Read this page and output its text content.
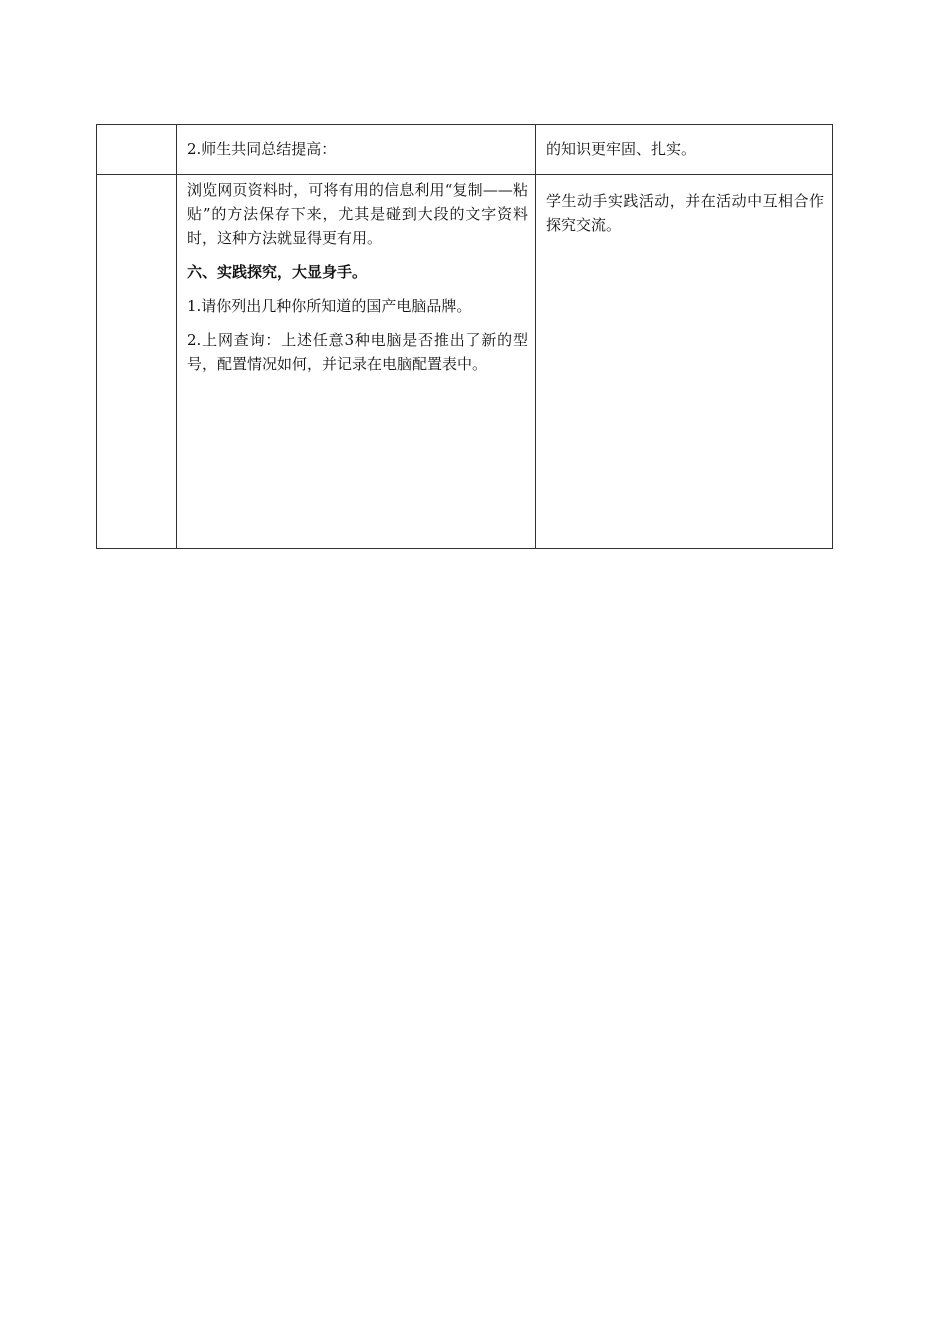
	2.师生共同总结提高：	的知识更牢固、扎实。

	浏览网页资料时，可将有用的信息利用“复制——粘贴”的方法保存下来，尤其是碰到大段的文字资料时，这种方法就显得更有用。

六、实践探究，大显身手。

1.请你列出几种你所知道的国产电脑品牌。

2.上网查询：上述任意3种电脑是否推出了新的型号，配置情况如何，并记录在电脑配置表中。	学生动手实践活动，并在活动中互相合作探究交流。
